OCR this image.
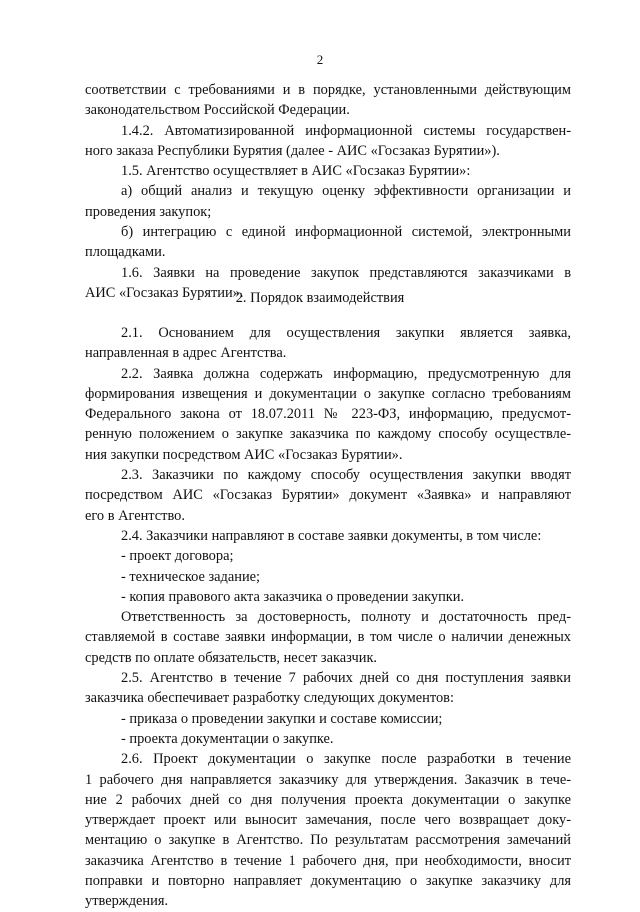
2
соответствии с требованиями и в порядке, установленными действующим
законодательством Российской Федерации.
1.4.2. Автоматизированной информационной системы государствен-
ного заказа Республики Бурятия (далее - АИС «Госзаказ Бурятии»).
1.5. Агентство осуществляет в АИС «Госзаказ Бурятии»:
а) общий анализ и текущую оценку эффективности организации и
проведения закупок;
б) интеграцию с единой информационной системой, электронными
площадками.
1.6. Заявки на проведение закупок представляются заказчиками в
АИС «Госзаказ Бурятии».
2. Порядок взаимодействия
2.1. Основанием для осуществления закупки является заявка,
направленная в адрес Агентства.
2.2. Заявка должна содержать информацию, предусмотренную для
формирования извещения и документации о закупке согласно требованиям
Федерального закона от 18.07.2011 № 223-ФЗ, информацию, предусмот-
ренную положением о закупке заказчика по каждому способу осуществле-
ния закупки посредством АИС «Госзаказ Бурятии».
2.3. Заказчики по каждому способу осуществления закупки вводят
посредством АИС «Госзаказ Бурятии» документ «Заявка» и направляют
его в Агентство.
2.4. Заказчики направляют в составе заявки документы, в том числе:
- проект договора;
- техническое задание;
- копия правового акта заказчика о проведении закупки.
Ответственность за достоверность, полноту и достаточность пред-
ставляемой в составе заявки информации, в том числе о наличии денежных
средств по оплате обязательств, несет заказчик.
2.5. Агентство в течение 7 рабочих дней со дня поступления заявки
заказчика обеспечивает разработку следующих документов:
- приказа о проведении закупки и составе комиссии;
- проекта документации о закупке.
2.6. Проект документации о закупке после разработки в течение
1 рабочего дня направляется заказчику для утверждения. Заказчик в тече-
ние 2 рабочих дней со дня получения проекта документации о закупке
утверждает проект или выносит замечания, после чего возвращает доку-
ментацию о закупке в Агентство. По результатам рассмотрения замечаний
заказчика Агентство в течение 1 рабочего дня, при необходимости, вносит
поправки и повторно направляет документацию о закупке заказчику для
утверждения.
